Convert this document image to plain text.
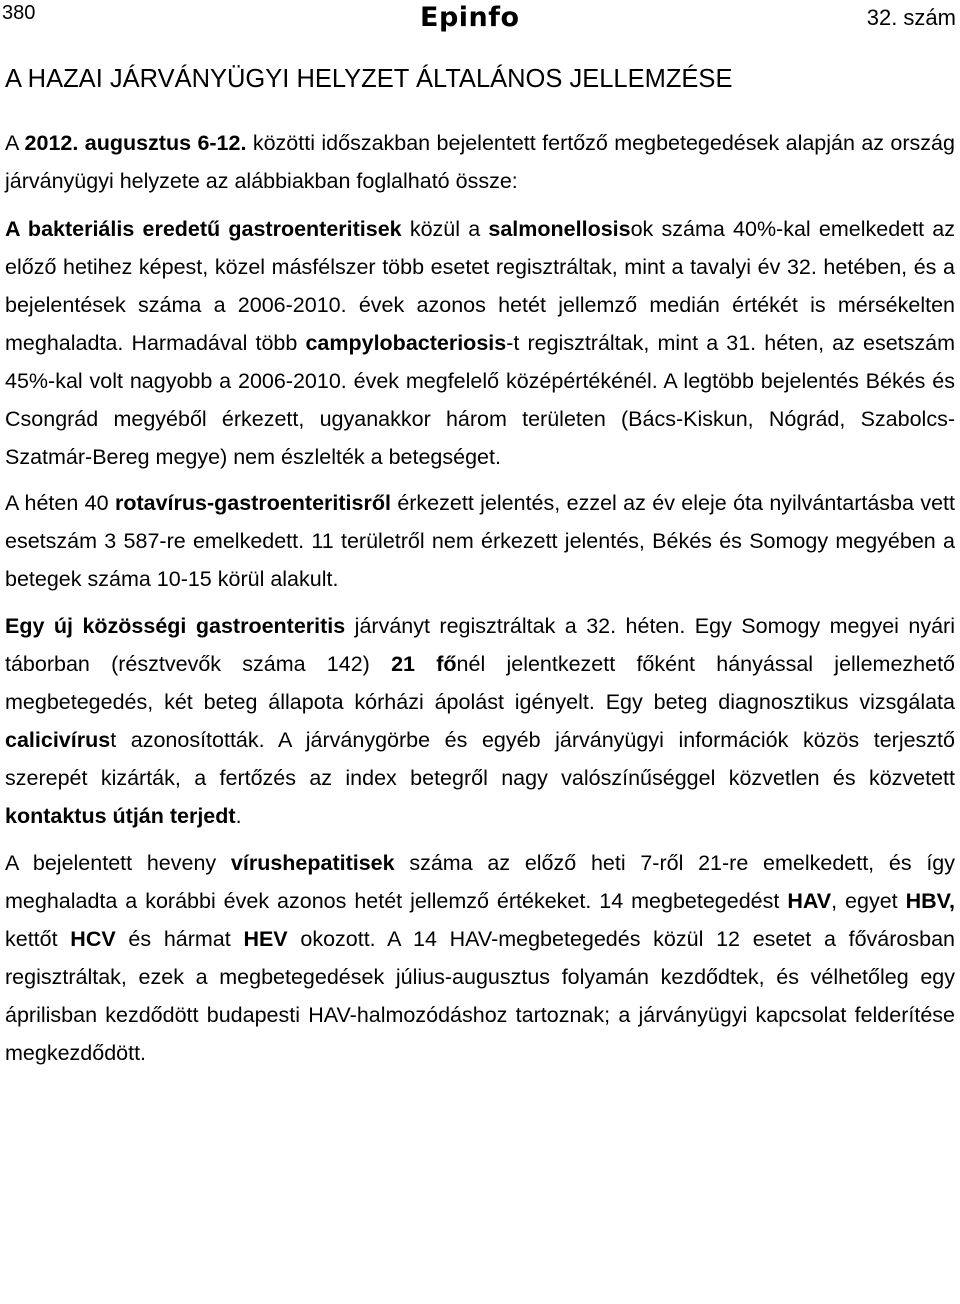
380	Epinfo	32. szám
A HAZAI JÁRVÁNYÜGYI HELYZET ÁLTALÁNOS JELLEMZÉSE

A 2012. augusztus 6-12. közötti időszakban bejelentett fertőző megbetegedések alapján az ország járványügyi helyzete az alábbiakban foglalható össze:

A bakteriális eredetű gastroenteritisek közül a salmonellosisok száma 40%-kal emelkedett az előző hetihez képest, közel másfélszer több esetet regisztráltak, mint a tavalyi év 32. hetében, és a bejelentések száma a 2006-2010. évek azonos hetét jellemző medián értékét is mérsékelten meghaladta. Harmadával több campylobacteriosis-t regisztráltak, mint a 31. héten, az esetszám 45%-kal volt nagyobb a 2006-2010. évek megfelelő középértékénél. A legtöbb bejelentés Békés és Csongrád megyéből érkezett, ugyanakkor három területen (Bács-Kiskun, Nógrád, Szabolcs-Szatmár-Bereg megye) nem észlelték a betegséget.

A héten 40 rotavírus-gastroenteritisről érkezett jelentés, ezzel az év eleje óta nyilvántartásba vett esetszám 3 587-re emelkedett. 11 területről nem érkezett jelentés, Békés és Somogy megyében a betegek száma 10-15 körül alakult.

Egy új közösségi gastroenteritis járványt regisztráltak a 32. héten. Egy Somogy megyei nyári táborban (résztvevők száma 142) 21 főnél jelentkezett főként hányással jellemezhető megbetegedés, két beteg állapota kórházi ápolást igényelt. Egy beteg diagnosztikus vizsgálata calicivírust azonosították. A járványgörbe és egyéb járványügyi információk közös terjesztő szerepét kizárták, a fertőzés az index betegről nagy valószínűséggel közvetlen és közvetett kontaktus útján terjedt.

A bejelentett heveny vírushepatitisek száma az előző heti 7-ről 21-re emelkedett, és így meghaladta a korábbi évek azonos hetét jellemző értékeket. 14 megbetegedést HAV, egyet HBV, kettőt HCV és hármat HEV okozott. A 14 HAV-megbetegedés közül 12 esetet a fővárosban regisztráltak, ezek a megbetegedések július-augusztus folyamán kezdődtek, és vélhetőleg egy áprilisban kezdődött budapesti HAV-halmozódáshoz tartoznak; a járványügyi kapcsolat felderítése megkezdődött.
